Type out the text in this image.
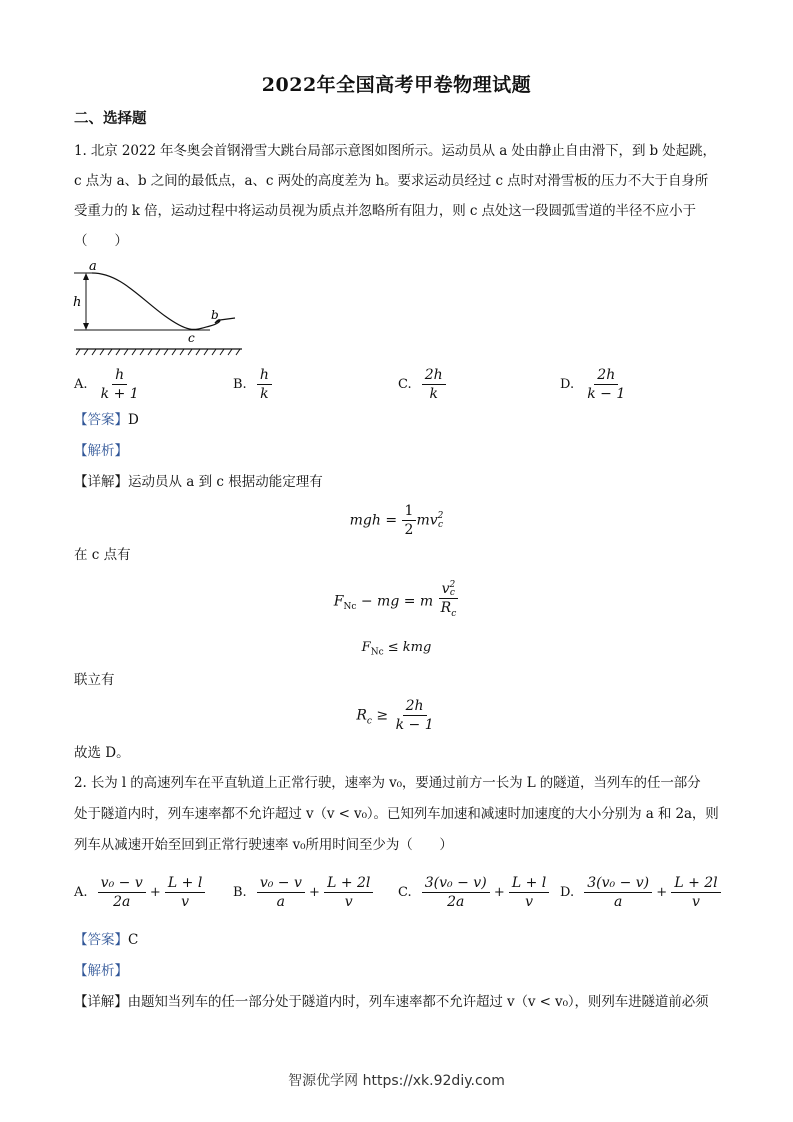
2022年全国高考甲卷物理试题
二、选择题
1. 北京 2022 年冬奥会首钢滑雪大跳台局部示意图如图所示。运动员从 a 处由静止自由滑下，到 b 处起跳，
c 点为 a、b 之间的最低点，a、c 两处的高度差为 h。要求运动员经过 c 点时对滑雪板的压力不大于自身所
受重力的 k 倍，运动过程中将运动员视为质点并忽略所有阻力，则 c 点处这一段圆弧雪道的半径不应小于
（　　）
a
h
b
c
A. $\frac{h}{k + 1}$	B. $\frac{h}{k}$	C. $\frac{2h}{k}$	D. $\frac{2h}{k - 1}$
【答案】D
【解析】
【详解】运动员从 a 到 c 根据动能定理有
mgh = $\frac{1}{2}$ mv 2
c
在 c 点有
$F_{Nc}$ − mg = m v 2
c
$R_c$
$F_{Nc}$ ≤ kmg
联立有
$R_c \ge \frac{2h}{k - 1}$
故选 D。
2. 长为 l 的高速列车在平直轨道上正常行驶，速率为 v₀，要通过前方一长为 L 的隧道，当列车的任一部分
处于隧道内时，列车速率都不允许超过 v（v < v₀）。已知列车加速和减速时加速度的大小分别为 a 和 2a，则
列车从减速开始至回到正常行驶速率 v₀所用时间至少为（　　）
A. $\frac{\text{v₀ − v}}{2a} + \frac{L + l}{v} B$. $\frac{\text{v₀ − v}}{a} + \frac{L + 2l}{v} C$. $\frac{\text{3(v₀ − v)}}{2a} + \frac{L + l}{v} D$. $\frac{\text{3(v₀ − v)}}{a} + \frac{L + 2l}{v}$
【答案】C
【解析】
【详解】由题知当列车的任一部分处于隧道内时，列车速率都不允许超过 v（v < v₀），则列车进隧道前必须
智源优学网 https://xk.92diy.com
